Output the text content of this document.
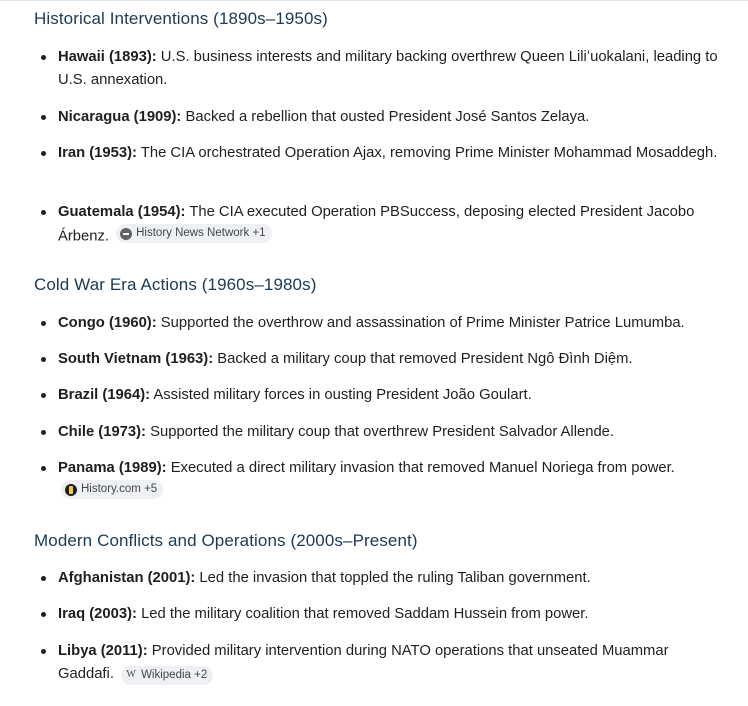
Historical Interventions (1890s–1950s)
Hawaii (1893): U.S. business interests and military backing overthrew Queen Liliʻuokalani, leading to U.S. annexation.
Nicaragua (1909): Backed a rebellion that ousted President José Santos Zelaya.
Iran (1953): The CIA orchestrated Operation Ajax, removing Prime Minister Mohammad Mosaddegh.
Guatemala (1954): The CIA executed Operation PBSuccess, deposing elected President Jacobo Árbenz. History News Network
+1
Cold War Era Actions (1960s–1980s)
Congo (1960): Supported the overthrow and assassination of Prime Minister Patrice Lumumba.
South Vietnam (1963): Backed a military coup that removed President Ngô Đình Diệm.
Brazil (1964): Assisted military forces in ousting President João Goulart.
Chile (1973): Supported the military coup that overthrew President Salvador Allende.
Panama (1989): Executed a direct military invasion that removed Manuel Noriega from power.
History.com
+5
Modern Conflicts and Operations (2000s–Present)
Afghanistan (2001): Led the invasion that toppled the ruling Taliban government.
Iraq (2003): Led the military coalition that removed Saddam Hussein from power.
Libya (2011): Provided military intervention during NATO operations that unseated Muammar Gaddafi. W Wikipedia
+2
